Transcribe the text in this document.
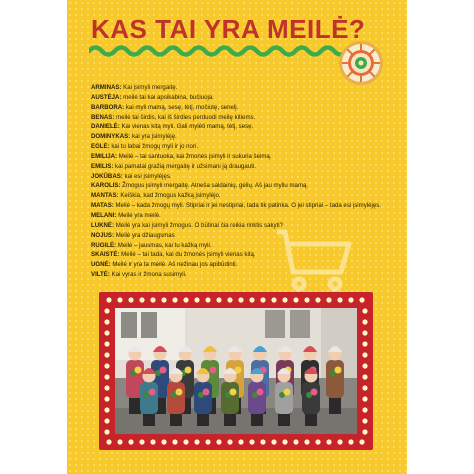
KAS TAI YRA MEILĖ?
ARMINAS: Kai įsimyli mergaitę.
AUSTĖJA: meilė tai kai apsikabina, bučiuoja.
BARBORA: kai myli mamą, sesę, tėtį, močiutę, senelį.
BENAS: meilė tai širdis, kai iš širdies perduodi meilę kitiems.
DANIELĖ: Kai vienas kitą myli. Gali mylėti mamą, tėtį, sesę.
DOMINYKAS: kai yra įsimylėję.
EGLĖ: kai tu labai žmogų myli ir jo nori.
EMILIJA: Meilė – tai santuoka, kai žmonės įsimyli ir sukuria šeimą.
EMILIS: kai pamatai gražią mergaitę ir užsimani ją draugauti.
JOKŪBAS: kai esi įsimylėjęs.
KAROLIS: Žmogus įsimyli mergaitę. Atneša saldainių, gėlių. Aš jau myliu mamą.
MANTAS: Keiškia, kad žmogus kažką įsimylėjo.
MATAS: Meilė – kada žmogų myli. Stipriai ir jei nestipriai, tada tik patinka. O jei stipriai – tada esi įsimylėjęs.
MELANI: Meilė yra meilė.
LUKNĖ: Meilė yra kai įsimyli žmogus. O būtinai čia reikia rinktis sakyti?
NOJUS: Meilė yra džiaugsmas
RUGILĖ: Meilė – jausmas, kai tu kažką myli.
SKAISTĖ: Meilė – tai tada, kai du žmonės įsimyli vienas kitą.
UGNĖ: Meilė ir yra ta meilė. Aš nežinau jos apibūdinti.
VILTĖ: Kai vyras ir žmona susimyli.
